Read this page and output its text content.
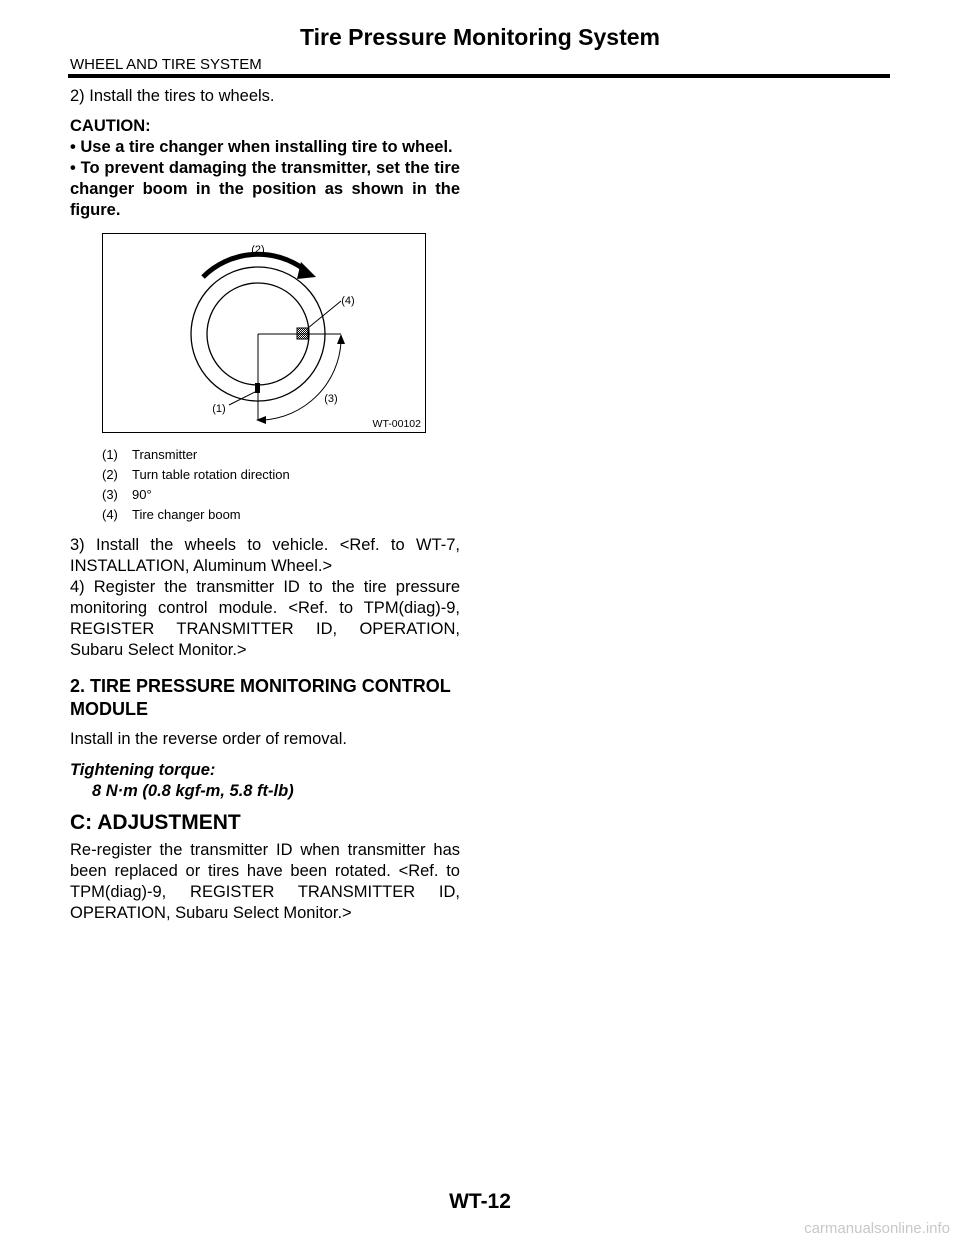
Tire Pressure Monitoring System
WHEEL AND TIRE SYSTEM

2) Install the tires to wheels.

CAUTION:

• Use a tire changer when installing tire to wheel.

• To prevent damaging the transmitter, set the tire changer boom in the position as shown in the figure.

(2)
(4)
(3)
(1)
WT-00102
(1)	Transmitter
(2)	Turn table rotation direction
(3)	90°
(4)	Tire changer boom

3) Install the wheels to vehicle. <Ref. to WT-7, INSTALLATION, Aluminum Wheel.>

4) Register the transmitter ID to the tire pressure monitoring control module. <Ref. to TPM(diag)-9, REGISTER TRANSMITTER ID, OPERATION, Subaru Select Monitor.>

2. TIRE PRESSURE MONITORING CONTROL MODULE

Install in the reverse order of removal.

Tightening torque:

8 N·m (0.8 kgf-m, 5.8 ft-lb)

C: ADJUSTMENT

Re-register the transmitter ID when transmitter has been replaced or tires have been rotated. <Ref. to TPM(diag)-9, REGISTER TRANSMITTER ID, OPERATION, Subaru Select Monitor.>

WT-12
carmanualsonline.info
